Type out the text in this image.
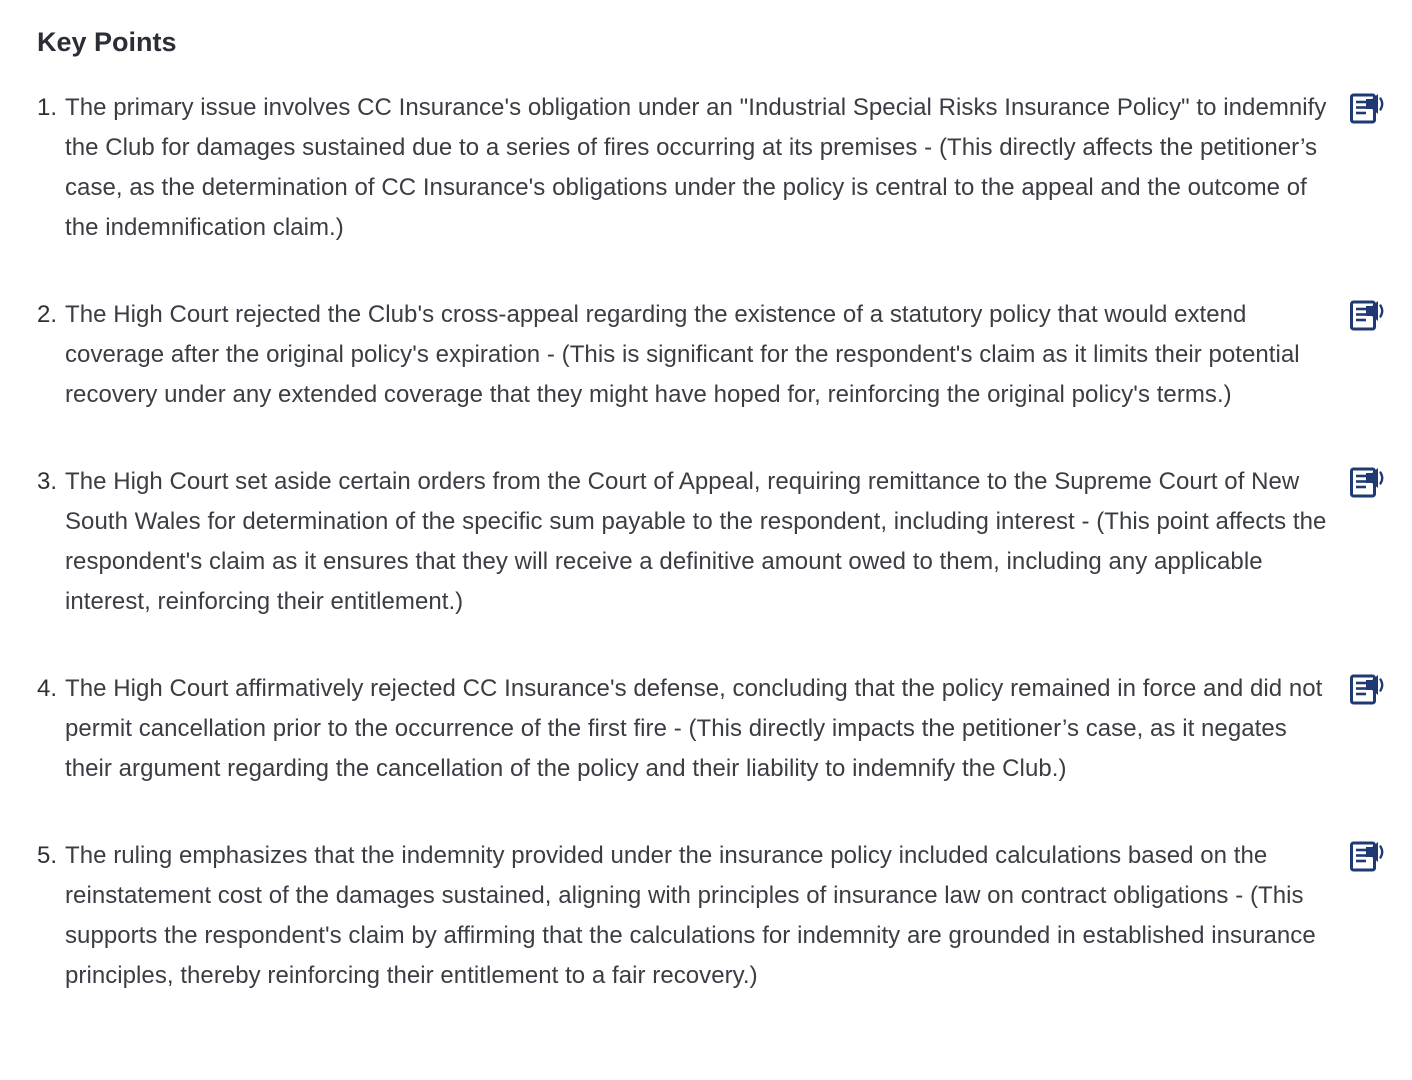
Key Points
1. The primary issue involves CC Insurance's obligation under an "Industrial Special Risks Insurance Policy" to indemnify the Club for damages sustained due to a series of fires occurring at its premises - (This directly affects the petitioner’s case, as the determination of CC Insurance's obligations under the policy is central to the appeal and the outcome of the indemnification claim.)
2. The High Court rejected the Club's cross-appeal regarding the existence of a statutory policy that would extend coverage after the original policy's expiration - (This is significant for the respondent's claim as it limits their potential recovery under any extended coverage that they might have hoped for, reinforcing the original policy's terms.)
3. The High Court set aside certain orders from the Court of Appeal, requiring remittance to the Supreme Court of New South Wales for determination of the specific sum payable to the respondent, including interest - (This point affects the respondent's claim as it ensures that they will receive a definitive amount owed to them, including any applicable interest, reinforcing their entitlement.)
4. The High Court affirmatively rejected CC Insurance's defense, concluding that the policy remained in force and did not permit cancellation prior to the occurrence of the first fire - (This directly impacts the petitioner’s case, as it negates their argument regarding the cancellation of the policy and their liability to indemnify the Club.)
5. The ruling emphasizes that the indemnity provided under the insurance policy included calculations based on the reinstatement cost of the damages sustained, aligning with principles of insurance law on contract obligations - (This supports the respondent's claim by affirming that the calculations for indemnity are grounded in established insurance principles, thereby reinforcing their entitlement to a fair recovery.)
